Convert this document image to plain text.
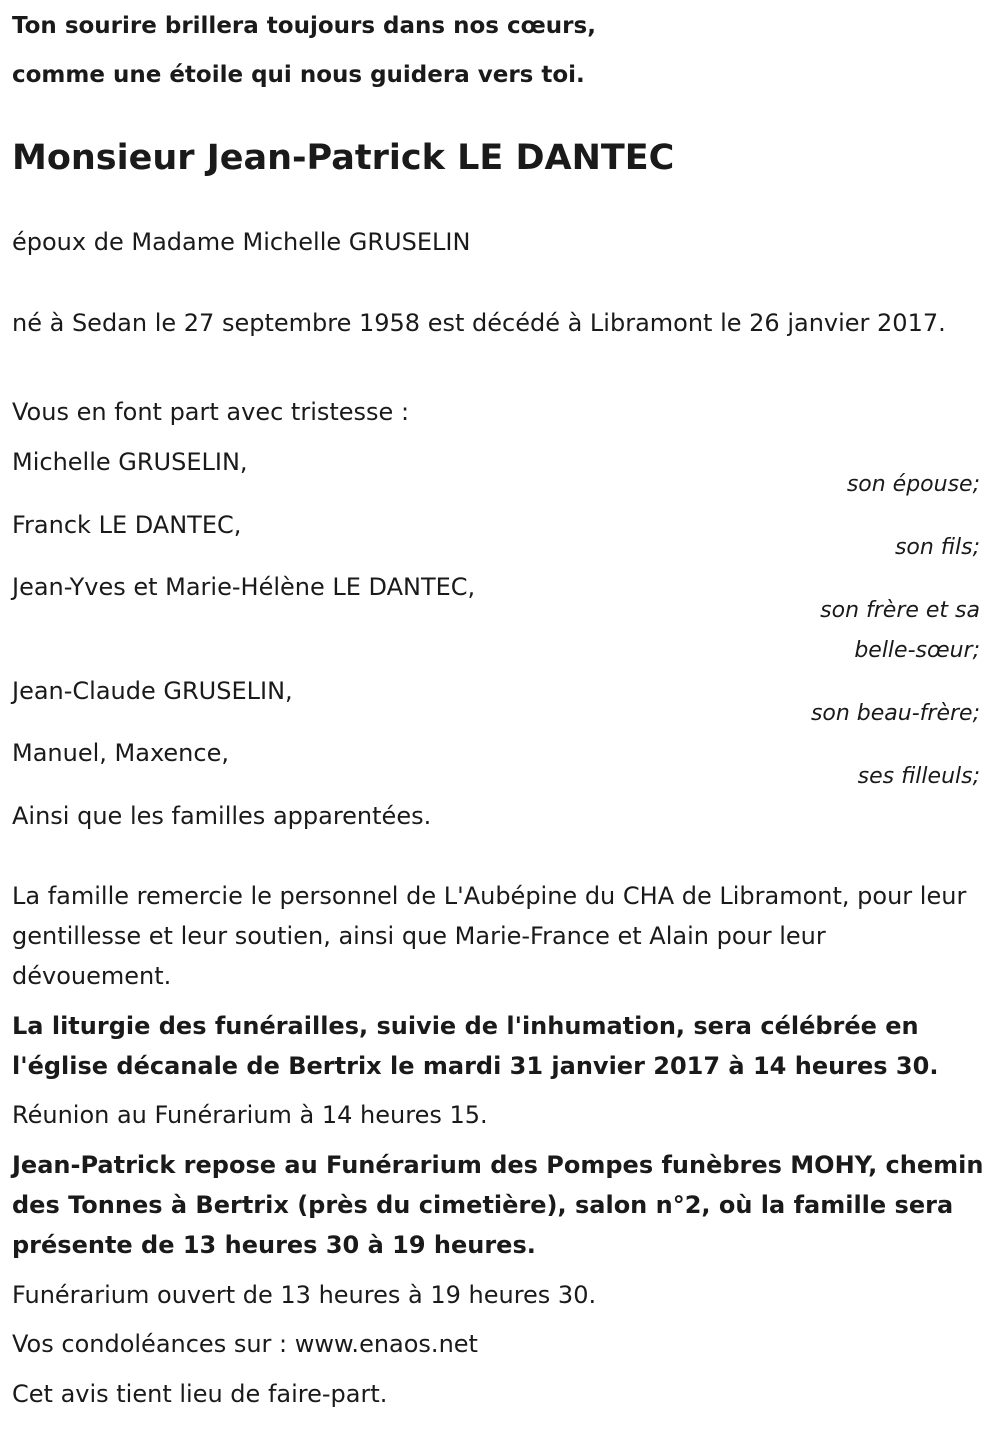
Ton sourire brillera toujours dans nos cœurs,
comme une étoile qui nous guidera vers toi.
Monsieur Jean-Patrick LE DANTEC
époux de Madame Michelle GRUSELIN
né à Sedan le 27 septembre 1958 est décédé à Libramont le 26 janvier 2017.
Vous en font part avec tristesse :
Michelle GRUSELIN,
son épouse;
Franck LE DANTEC,
son fils;
Jean-Yves et Marie-Hélène LE DANTEC,
son frère et sa belle-sœur;
Jean-Claude GRUSELIN,
son beau-frère;
Manuel, Maxence,
ses filleuls;
Ainsi que les familles apparentées.
La famille remercie le personnel de L'Aubépine du CHA de Libramont, pour leur gentillesse et leur soutien, ainsi que Marie-France et Alain pour leur dévouement.
La liturgie des funérailles, suivie de l'inhumation, sera célébrée en l'église décanale de Bertrix le mardi 31 janvier 2017 à 14 heures 30.
Réunion au Funérarium à 14 heures 15.
Jean-Patrick repose au Funérarium des Pompes funèbres MOHY, chemin des Tonnes à Bertrix (près du cimetière), salon n°2, où la famille sera présente de 13 heures 30 à 19 heures.
Funérarium ouvert de 13 heures à 19 heures 30.
Vos condoléances sur : www.enaos.net
Cet avis tient lieu de faire-part.
